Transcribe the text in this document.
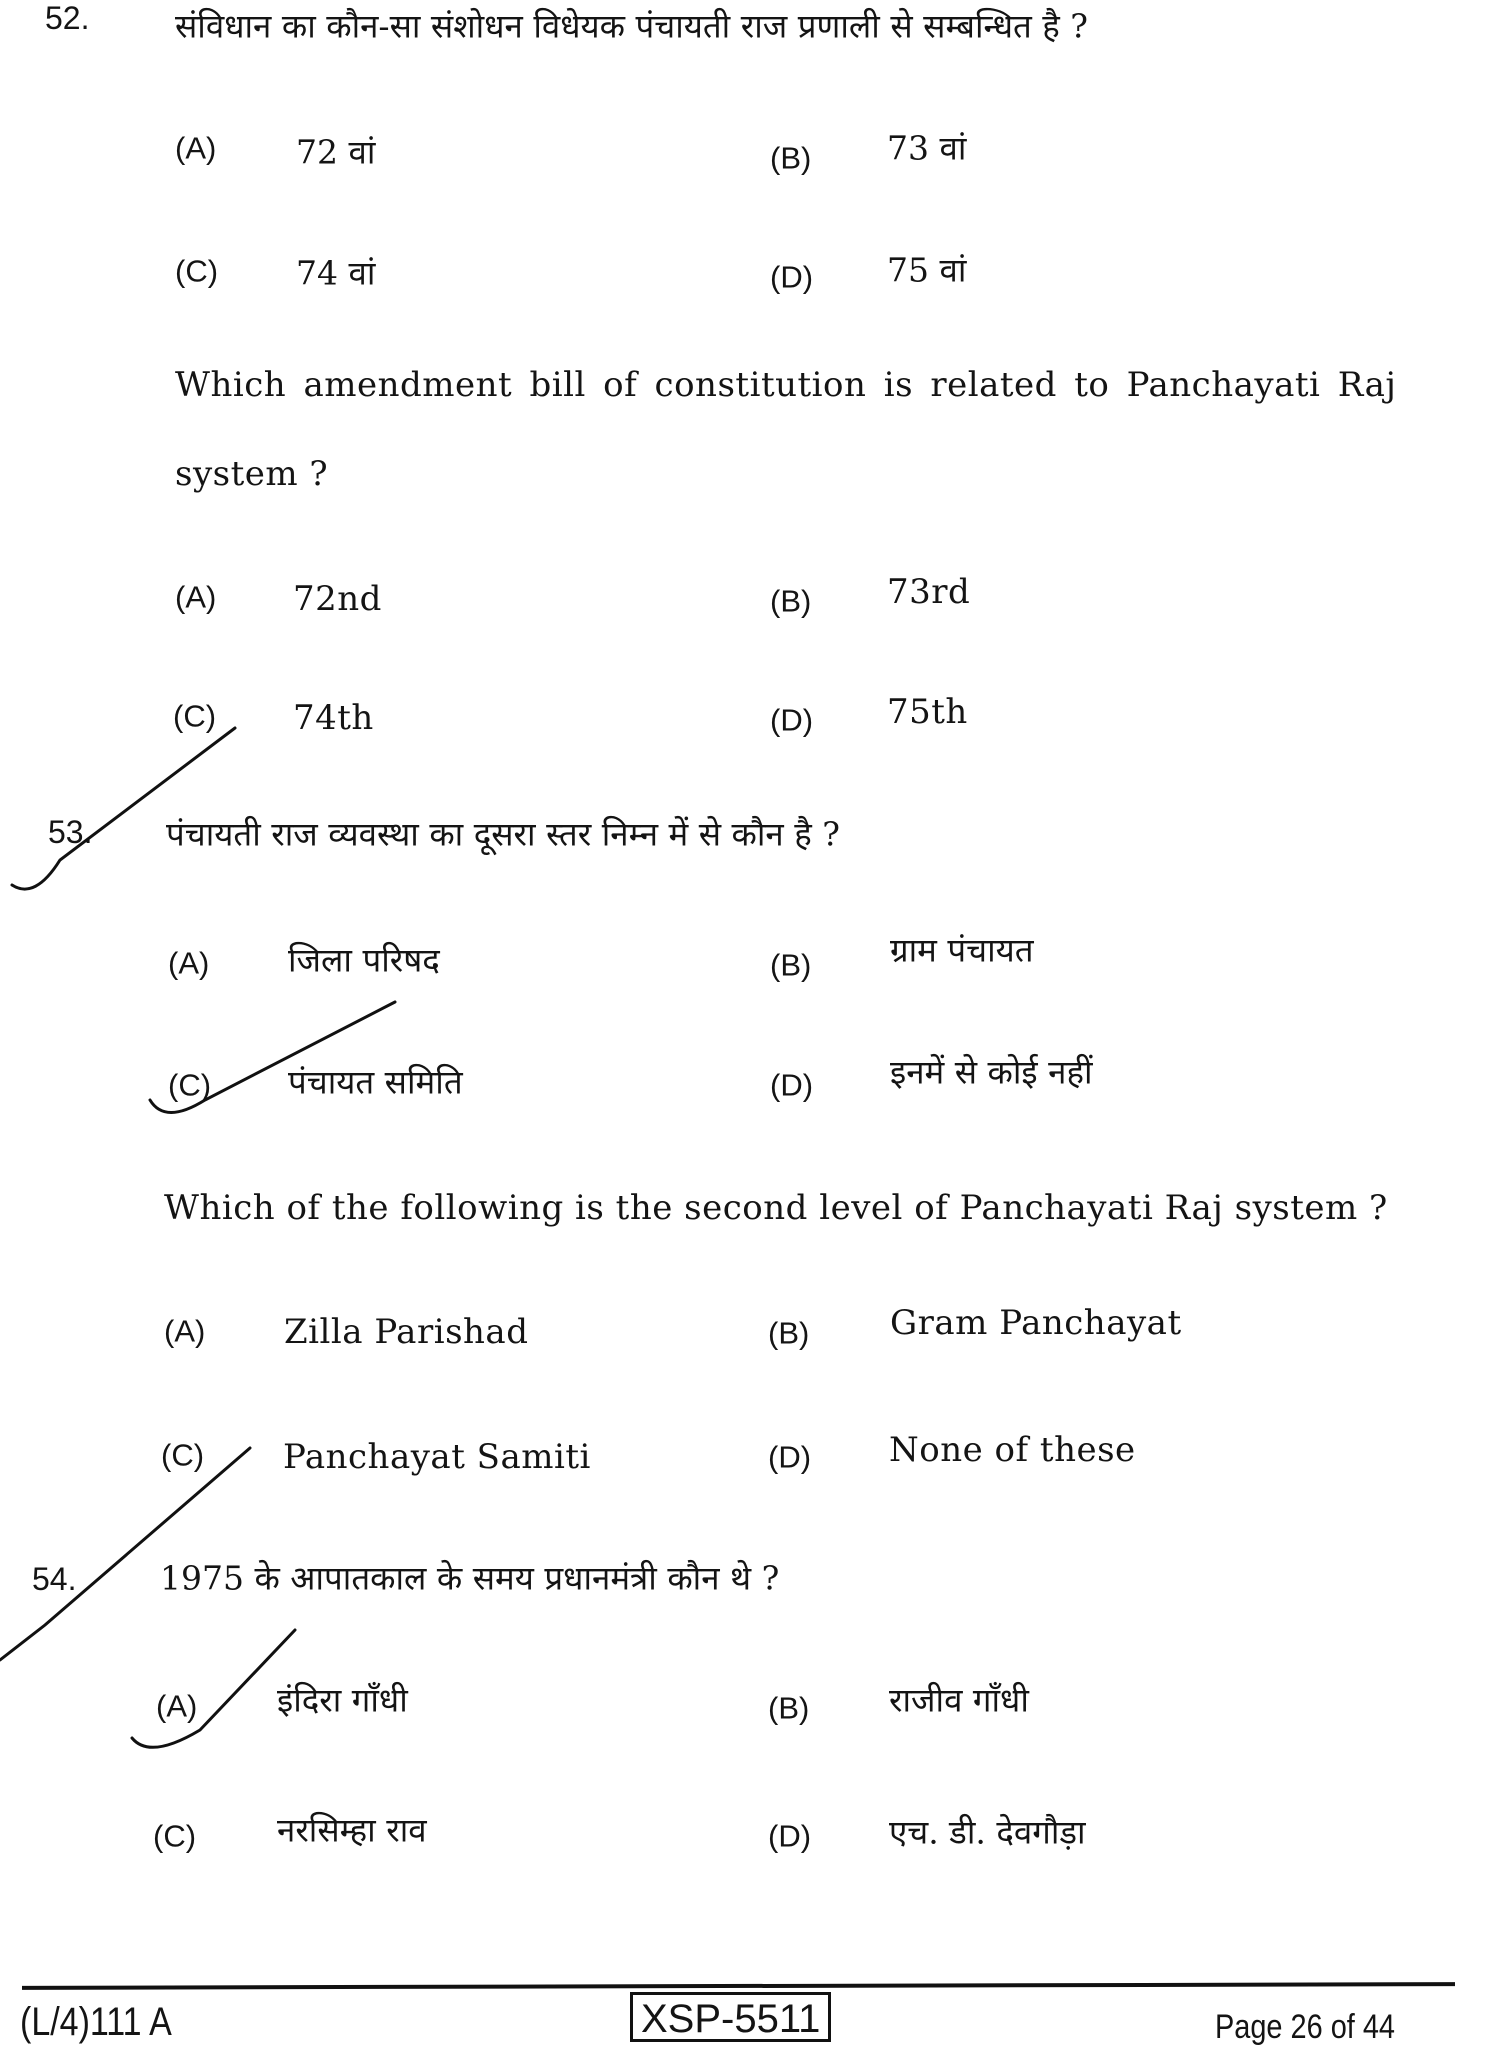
52.	संविधान का कौन-सा संशोधन विधेयक पंचायती राज प्रणाली से सम्बन्धित है ?
(A) 72 वां	(B) 73 वां
(C) 74 वां	(D) 75 वां
Which amendment bill of constitution is related to Panchayati Raj
system ?
(A) 72nd	(B) 73rd
(C) 74th	(D) 75th
53. पंचायती राज व्यवस्था का दूसरा स्तर निम्न में से कौन है ?
(A) जिला परिषद	(B) ग्राम पंचायत
(C) पंचायत समिति	(D) इनमें से कोई नहीं
Which of the following is the second level of Panchayati Raj system ?
(A) Zilla Parishad	(B) Gram Panchayat
(C) Panchayat Samiti	(D) None of these
54.	1975 के आपातकाल के समय प्रधानमंत्री कौन थे ?
(A) इंदिरा गाँधी	(B) राजीव गाँधी
(C) नरसिम्हा राव	(D) एच. डी. देवगौड़ा
(L/4)111 A	XSP-5511	Page 26 of 44
